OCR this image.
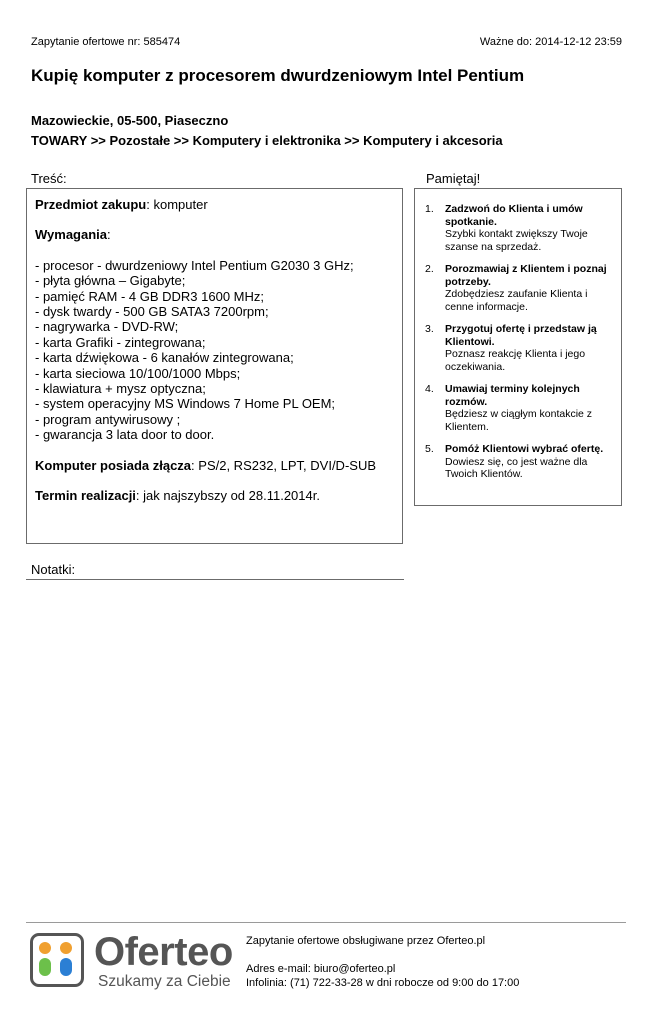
Zapytanie ofertowe nr: 585474	Ważne do: 2014-12-12 23:59
Kupię komputer z procesorem dwurdzeniowym Intel Pentium
Mazowieckie, 05-500, Piaseczno
TOWARY >> Pozostałe >> Komputery i elektronika >> Komputery i akcesoria
Treść:	Pamiętaj!

Przedmiot zakupu: komputer

Wymagania:

- procesor - dwurdzeniowy Intel Pentium G2030 3 GHz;

- płyta główna – Gigabyte;

- pamięć RAM - 4 GB DDR3 1600 MHz;

- dysk twardy - 500 GB SATA3 7200rpm;

- nagrywarka - DVD-RW;

- karta Grafiki - zintegrowana;

- karta dźwiękowa - 6 kanałów zintegrowana;

- karta sieciowa 10/100/1000 Mbps;

- klawiatura + mysz optyczna;

- system operacyjny MS Windows 7 Home PL OEM;

- program antywirusowy ;

- gwarancja 3 lata door to door.

Komputer posiada złącza: PS/2, RS232, LPT, DVI/D-SUB

Termin realizacji: jak najszybszy od 28.11.2014r.

1.	Zadzwoń do Klienta i umów spotkanie.
Szybki kontakt zwiększy Twoje szanse na sprzedaż.
2.	Porozmawiaj z Klientem i poznaj potrzeby.
Zdobędziesz zaufanie Klienta i cenne informacje.
3.	Przygotuj ofertę i przedstaw ją Klientowi.
Poznasz reakcję Klienta i jego oczekiwania.
4.	Umawiaj terminy kolejnych rozmów.
Będziesz w ciągłym kontakcie z Klientem.
5.	Pomóż Klientowi wybrać ofertę.
Dowiesz się, co jest ważne dla Twoich Klientów.
Notatki:
Oferteo
Szukamy za Ciebie

Zapytanie ofertowe obsługiwane przez Oferteo.pl

Adres e-mail: biuro@oferteo.pl

Infolinia: (71) 722-33-28 w dni robocze od 9:00 do 17:00
